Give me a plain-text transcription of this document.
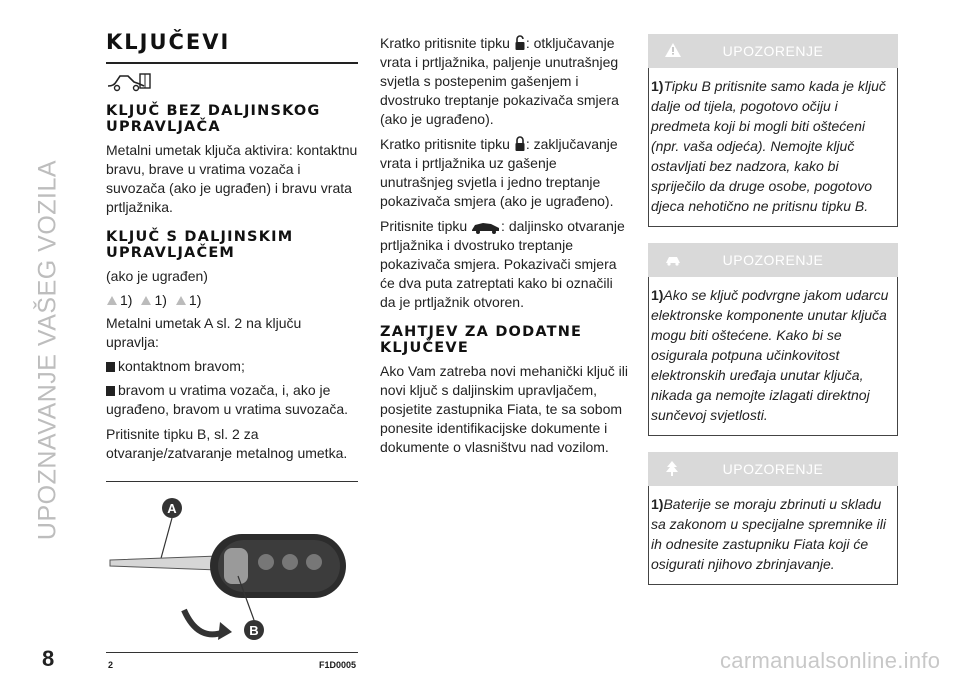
UPOZNAVANJE VAŠEG VOZILA
KLJUČEVI
KLJUČ BEZ DALJINSKOG UPRAVLJAČA
Metalni umetak ključa aktivira: kontaktnu bravu, brave u vratima vozača i suvozača (ako je ugrađen) i bravu vrata prtljažnika.
KLJUČ S DALJINSKIM UPRAVLJAČEM
(ako je ugrađen)
1) 1) 1)
Metalni umetak A sl. 2 na ključu upravlja:
kontaktnom bravom;
bravom u vratima vozača, i, ako je ugrađeno, bravom u vratima suvozača.
Pritisnite tipku B, sl. 2 za otvaranje/zatvaranje metalnog umetka.
A
B
2	F1D0005
Kratko pritisnite tipku : otključavanje vrata i prtljažnika, paljenje unutrašnjeg svjetla s postepenim gašenjem i dvostruko treptanje pokazivača smjera (ako je ugrađeno).
Kratko pritisnite tipku : zaključavanje vrata i prtljažnika uz gašenje unutrašnjeg svjetla i jedno treptanje pokazivača smjera (ako je ugrađeno).
Pritisnite tipku : daljinsko otvaranje prtljažnika i dvostruko treptanje pokazivača smjera. Pokazivači smjera će dva puta zatreptati kako bi označili da je prtljažnik otvoren.
ZAHTJEV ZA DODATNE KLJUČEVE
Ako Vam zatreba novi mehanički ključ ili novi ključ s daljinskim upravljačem, posjetite zastupnika Fiata, te sa sobom ponesite identifikacijske dokumente i dokumente o vlasništvu nad vozilom.
UPOZORENJE
1)Tipku B pritisnite samo kada je ključ dalje od tijela, pogotovo očiju i predmeta koji bi mogli biti oštećeni (npr. vaša odjeća). Nemojte ključ ostavljati bez nadzora, kako bi spriječilo da druge osobe, pogotovo djeca nehotično ne pritisnu tipku B.
UPOZORENJE
1)Ako se ključ podvrgne jakom udarcu elektronske komponente unutar ključa mogu biti oštećene. Kako bi se osigurala potpuna učinkovitost elektronskih uređaja unutar ključa, nikada ga nemojte izlagati direktnoj sunčevoj svjetlosti.
UPOZORENJE
1)Baterije se moraju zbrinuti u skladu sa zakonom u specijalne spremnike ili ih odnesite zastupniku Fiata koji će osigurati njihovo zbrinjavanje.
8	carmanualsonline.info
